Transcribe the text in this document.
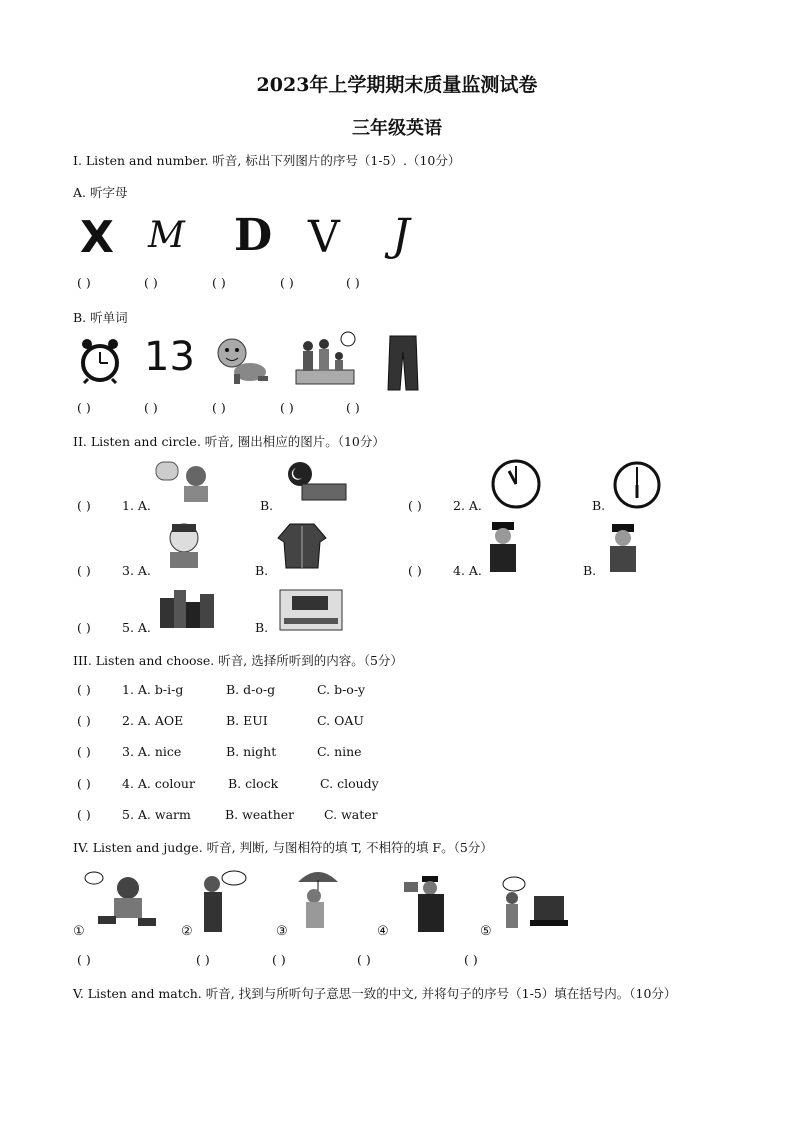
2023年上学期期末质量监测试卷
三年级英语
I. Listen and number. 听音, 标出下列图片的序号（1-5）.（10分）
A. 听字母
X M D V J
( )	( )	( )	( )	( )
B. 听单词
13
( )	( )	( )	( )	( )
II. Listen and circle. 听音, 圈出相应的图片。（10分）
( )	1. A.	B.	( )	2. A.	B.
( )	3. A.	B.	( )	4. A.	B.
( )	5. A.	B.
III. Listen and choose. 听音, 选择所听到的内容。（5分）
( )	1. A. b-i-g	B. d-o-g	C. b-o-y
( )	2. A. AOE	B. EUI	C. OAU
( )	3. A. nice	B. night	C. nine
( )	4. A. colour	B. clock	C. cloudy
( )	5. A. warm	B. weather C. water
IV. Listen and judge. 听音, 判断, 与图相符的填 T, 不相符的填 F。（5分）
①	②	③	④	⑤
( )	( )	( )	( )	( )
V. Listen and match. 听音, 找到与所听句子意思一致的中文, 并将句子的序号（1-5）填在括号内。（10分）
